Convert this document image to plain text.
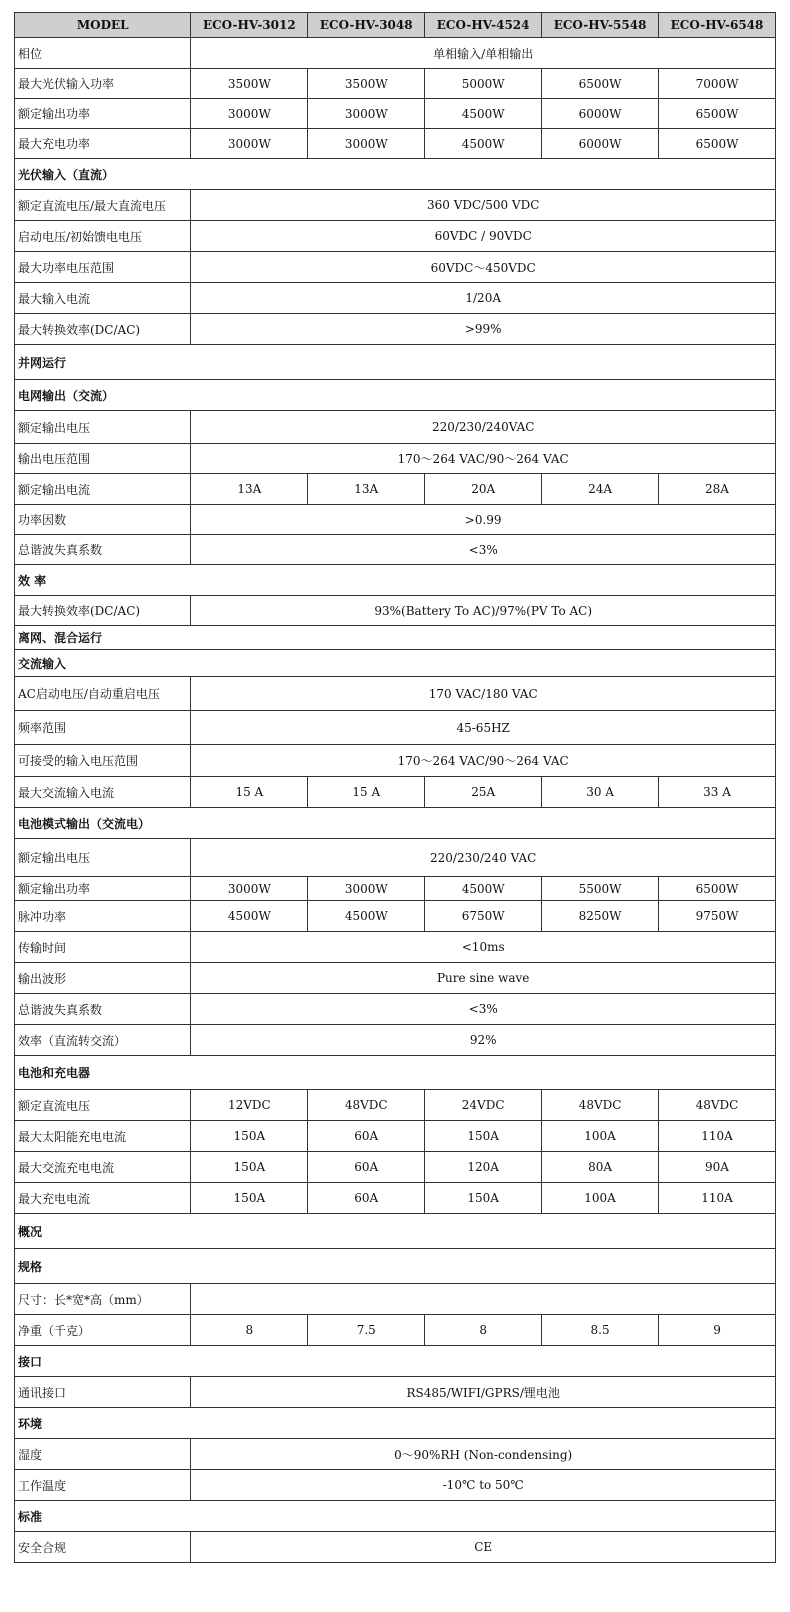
MODEL	ECO-HV-3012	ECO-HV-3048	ECO-HV-4524	ECO-HV-5548	ECO-HV-6548
相位	单相输入/单相输出				
最大光伏输入功率	3500W	3500W	5000W	6500W	7000W
额定输出功率	3000W	3000W	4500W	6000W	6500W
最大充电功率	3000W	3000W	4500W	6000W	6500W
光伏输入（直流）					
额定直流电压/最大直流电压	360 VDC/500 VDC				
启动电压/初始馈电电压	60VDC / 90VDC				
最大功率电压范围	60VDC～450VDC				
最大输入电流	1/20A				
最大转换效率(DC/AC)	>99%				
并网运行					
电网输出（交流）					
额定输出电压	220/230/240VAC				
输出电压范围	170～264 VAC/90～264 VAC				
额定输出电流	13A	13A	20A	24A	28A
功率因数	>0.99				
总谐波失真系数	<3%				
效 率					
最大转换效率(DC/AC)	93%(Battery To AC)/97%(PV To AC)				
离网、混合运行					
交流输入					
AC启动电压/自动重启电压	170 VAC/180 VAC				
频率范围	45-65HZ				
可接受的输入电压范围	170～264 VAC/90～264 VAC				
最大交流输入电流	15 A	15 A	25A	30 A	33 A
电池模式输出（交流电）					
额定输出电压	220/230/240 VAC				
额定输出功率	3000W	3000W	4500W	5500W	6500W
脉冲功率	4500W	4500W	6750W	8250W	9750W
传输时间	<10ms				
输出波形	Pure sine wave				
总谐波失真系数	<3%				
效率（直流转交流）	92%				
电池和充电器					
额定直流电压	12VDC	48VDC	24VDC	48VDC	48VDC
最大太阳能充电电流	150A	60A	150A	100A	110A
最大交流充电电流	150A	60A	120A	80A	90A
最大充电电流	150A	60A	150A	100A	110A
概况					
规格					
尺寸：长*宽*高（mm）					
净重（千克）	8	7.5	8	8.5	9
接口					
通讯接口	RS485/WIFI/GPRS/锂电池				
环境					
湿度	0～90%RH (Non-condensing)				
工作温度	-10℃ to 50℃				
标准					
安全合规	CE				
